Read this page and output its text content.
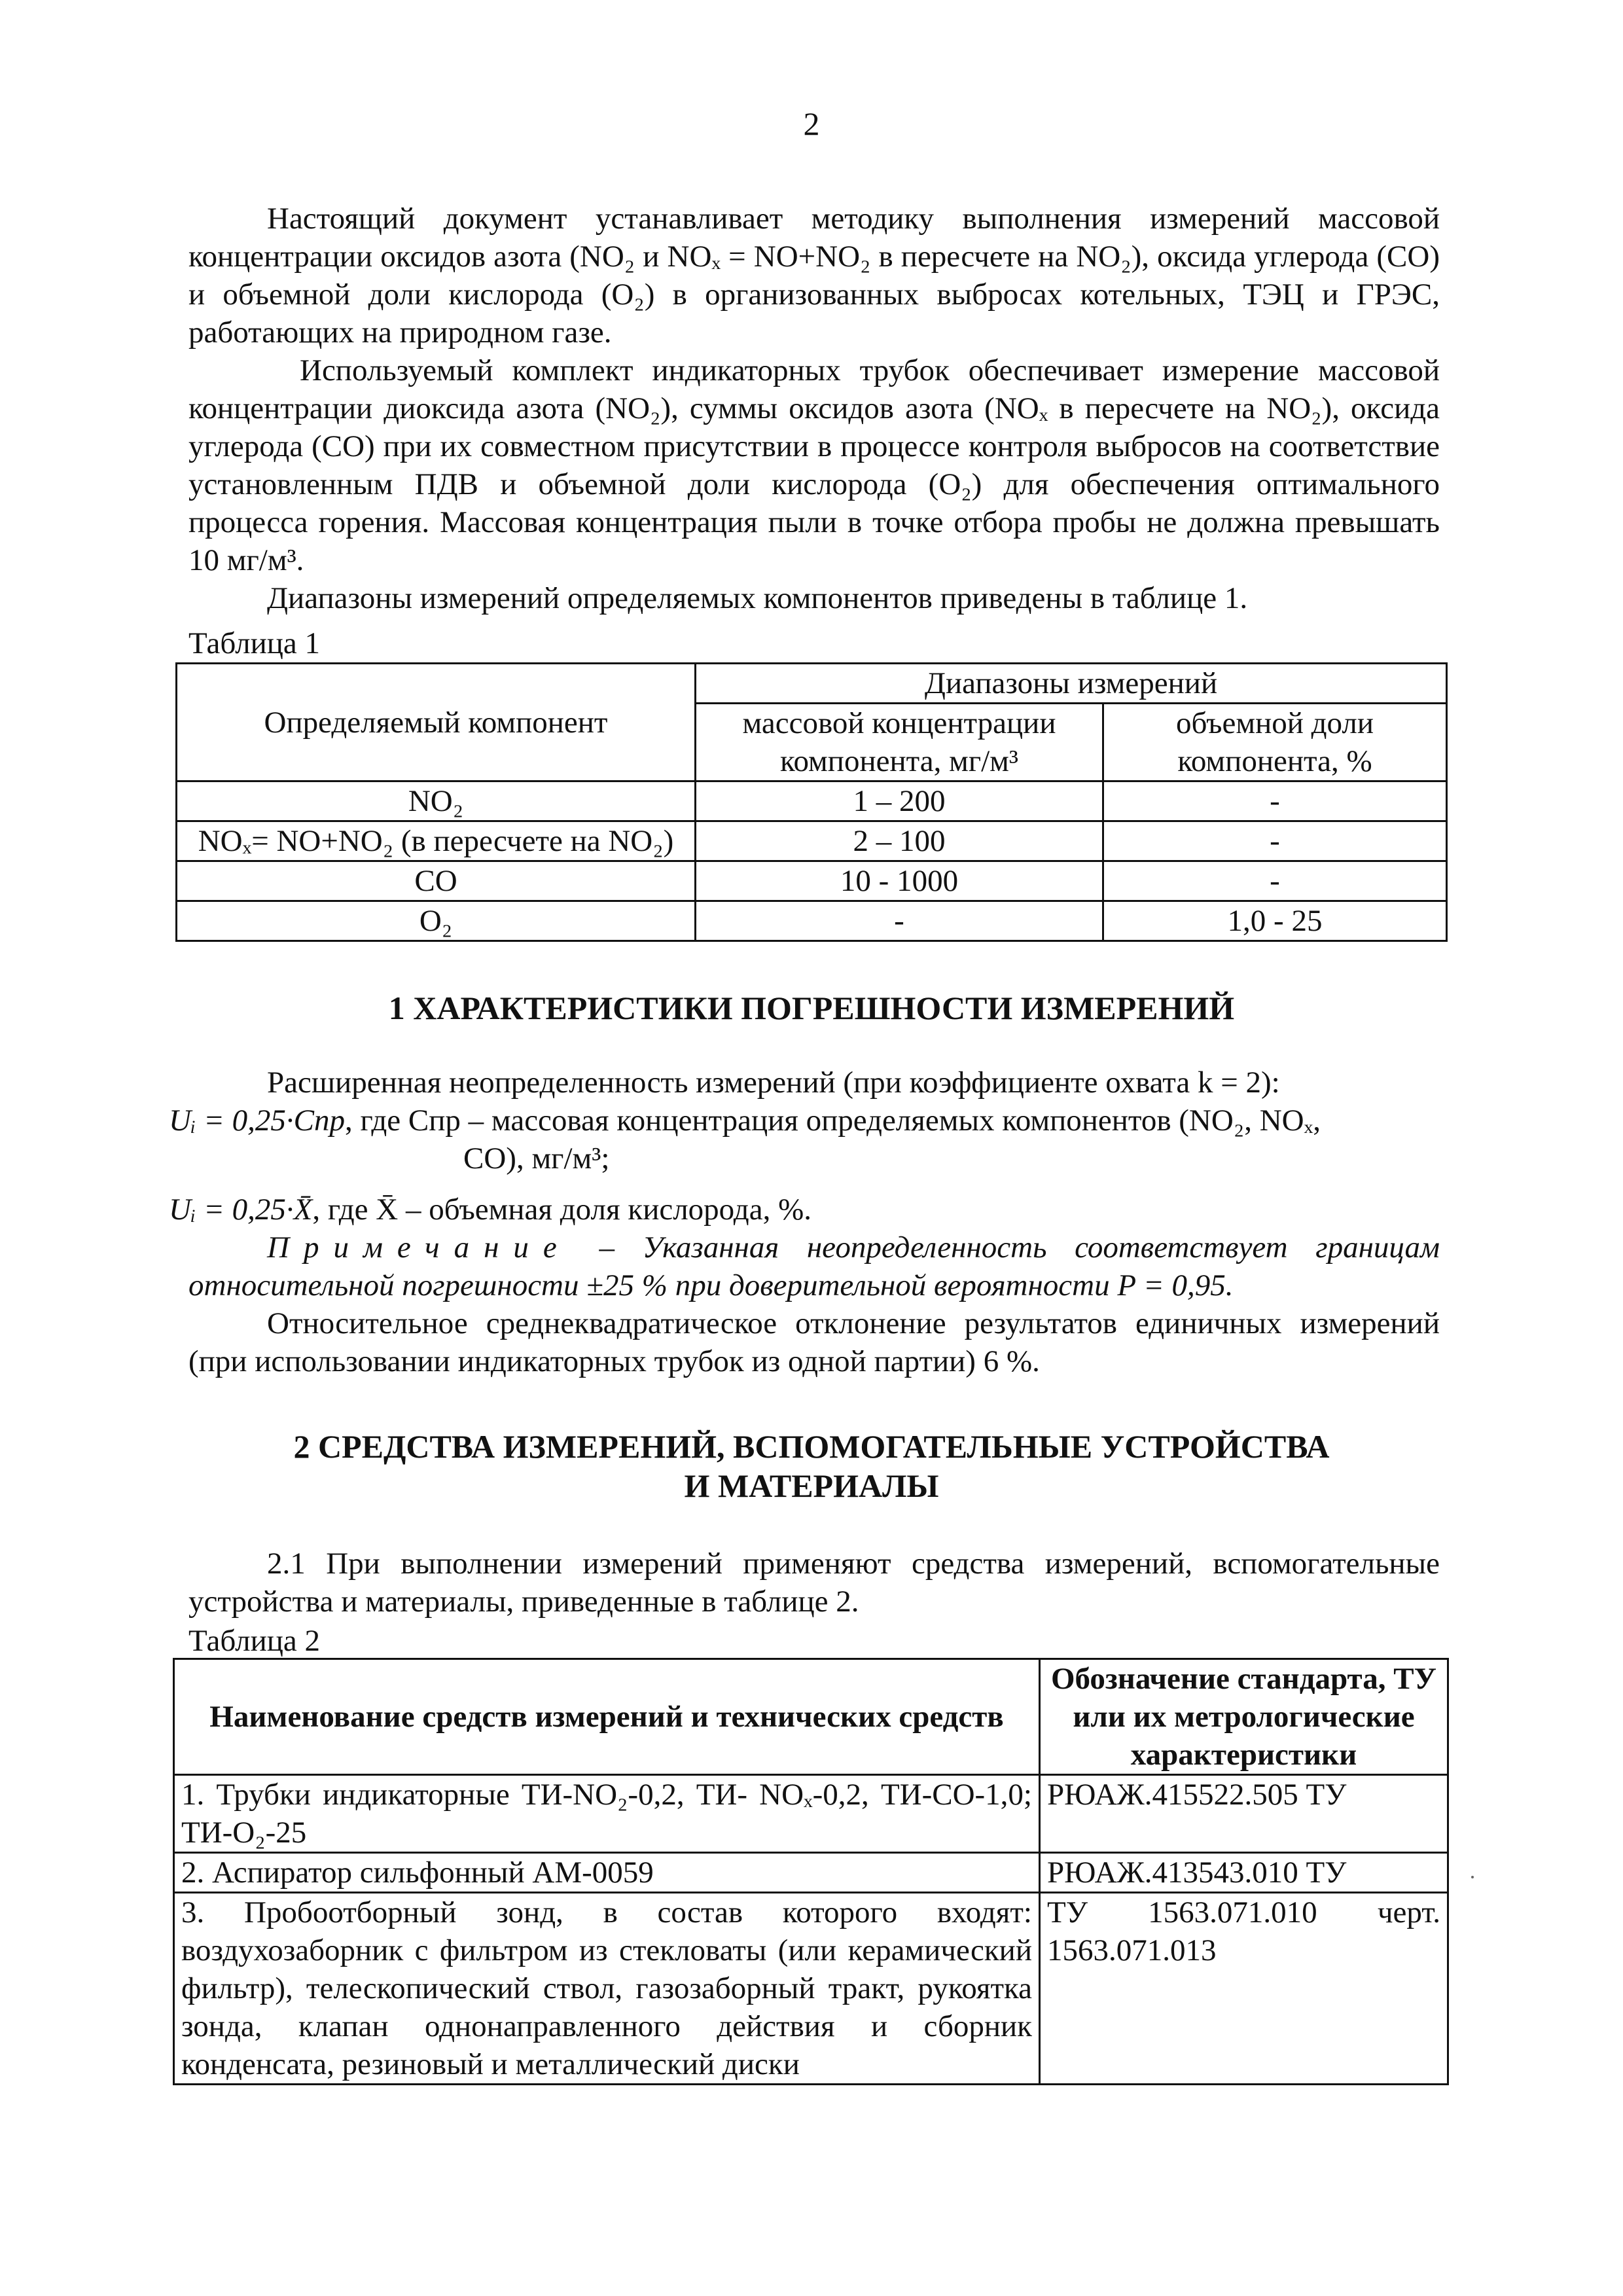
2

Настоящий документ устанавливает методику выполнения измерений массовой концентрации оксидов азота (NO₂ и NOₓ = NO+NO₂ в пересчете на NO₂), оксида углерода (CO) и объемной доли кислорода (O₂) в организованных выбросах котельных, ТЭЦ и ГРЭС, работающих на природном газе.

Используемый комплект индикаторных трубок обеспечивает измерение массовой концентрации диоксида азота (NO₂), суммы оксидов азота (NOₓ в пересчете на NO₂), оксида углерода (CO) при их совместном присутствии в процессе контроля выбросов на соответствие установленным ПДВ и объемной доли кислорода (O₂) для обеспечения оптимального процесса горения. Массовая концентрация пыли в точке отбора пробы не должна превышать 10 мг/м³.

Диапазоны измерений определяемых компонентов приведены в таблице 1.

Таблица 1
Определяемый компонент	Диапазоны измерений	
	массовой концентрации компонента, мг/м³	объемной доли компонента, %
NO₂	1 – 200	-
NOₓ= NO+NO₂ (в пересчете на NO₂)	2 – 100	-
CO	10 - 1000	-
O₂	-	1,0 - 25
1 ХАРАКТЕРИСТИКИ ПОГРЕШНОСТИ ИЗМЕРЕНИЙ

Расширенная неопределенность измерений (при коэффициенте охвата k = 2):

Uᵢ = 0,25·Cпр, где Cпр – массовая концентрация определяемых компонентов (NO₂, NOₓ,

CO), мг/м³;

Uᵢ = 0,25·X̄, где X̄ – объемная доля кислорода, %.

Примечание – Указанная неопределенность соответствует границам относительной погрешности ±25 % при доверительной вероятности P = 0,95.

Относительное среднеквадратическое отклонение результатов единичных измерений (при использовании индикаторных трубок из одной партии) 6 %.

2 СРЕДСТВА ИЗМЕРЕНИЙ, ВСПОМОГАТЕЛЬНЫЕ УСТРОЙСТВА
И МАТЕРИАЛЫ

2.1 При выполнении измерений применяют средства измерений, вспомогательные устройства и материалы, приведенные в таблице 2.

Таблица 2
Наименование средств измерений и технических средств	Обозначение стандарта, ТУ или их метрологические характеристики
1. Трубки индикаторные ТИ-NO₂-0,2, ТИ- NOₓ-0,2, ТИ-СО-1,0; ТИ-O₂-25	РЮАЖ.415522.505 ТУ
2. Аспиратор сильфонный АМ-0059	РЮАЖ.413543.010 ТУ
3. Пробоотборный зонд, в состав которого входят: воздухозаборник с фильтром из стекловаты (или керамический фильтр), телескопический ствол, газозаборный тракт, рукоятка зонда, клапан однонаправленного действия и сборник конденсата, резиновый и металлический диски	ТУ 1563.071.010 черт. 1563.071.013
